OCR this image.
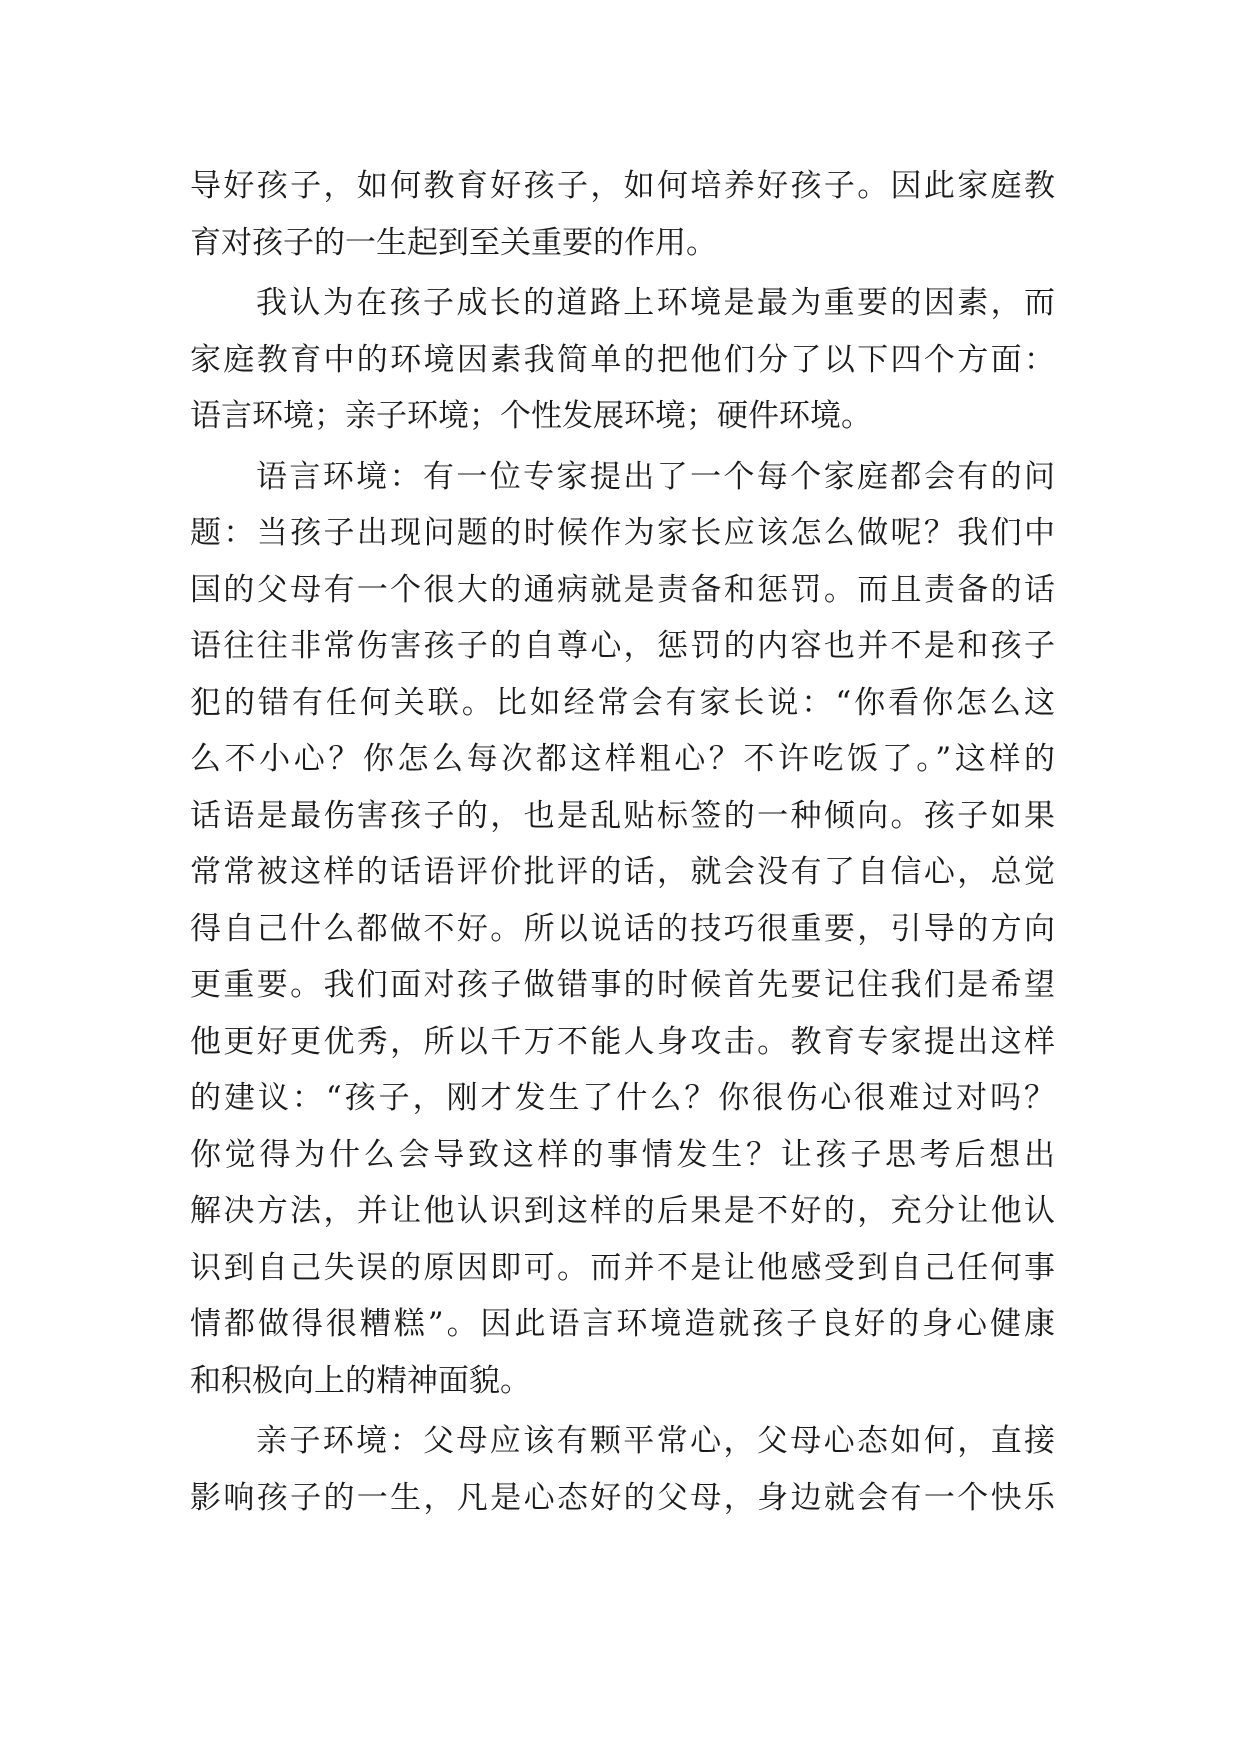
导好孩子，如何教育好孩子，如何培养好孩子。因此家庭教
育对孩子的一生起到至关重要的作用。
我认为在孩子成长的道路上环境是最为重要的因素，而
家庭教育中的环境因素我简单的把他们分了以下四个方面：
语言环境；亲子环境；个性发展环境；硬件环境。
语言环境：有一位专家提出了一个每个家庭都会有的问
题：当孩子出现问题的时候作为家长应该怎么做呢？我们中
国的父母有一个很大的通病就是责备和惩罚。而且责备的话
语往往非常伤害孩子的自尊心，惩罚的内容也并不是和孩子
犯的错有任何关联。比如经常会有家长说：“你看你怎么这
么不小心？你怎么每次都这样粗心？不许吃饭了。”这样的
话语是最伤害孩子的，也是乱贴标签的一种倾向。孩子如果
常常被这样的话语评价批评的话，就会没有了自信心，总觉
得自己什么都做不好。所以说话的技巧很重要，引导的方向
更重要。我们面对孩子做错事的时候首先要记住我们是希望
他更好更优秀，所以千万不能人身攻击。教育专家提出这样
的建议：“孩子，刚才发生了什么？你很伤心很难过对吗？
你觉得为什么会导致这样的事情发生？让孩子思考后想出
解决方法，并让他认识到这样的后果是不好的，充分让他认
识到自己失误的原因即可。而并不是让他感受到自己任何事
情都做得很糟糕”。因此语言环境造就孩子良好的身心健康
和积极向上的精神面貌。
亲子环境：父母应该有颗平常心，父母心态如何，直接
影响孩子的一生，凡是心态好的父母，身边就会有一个快乐
